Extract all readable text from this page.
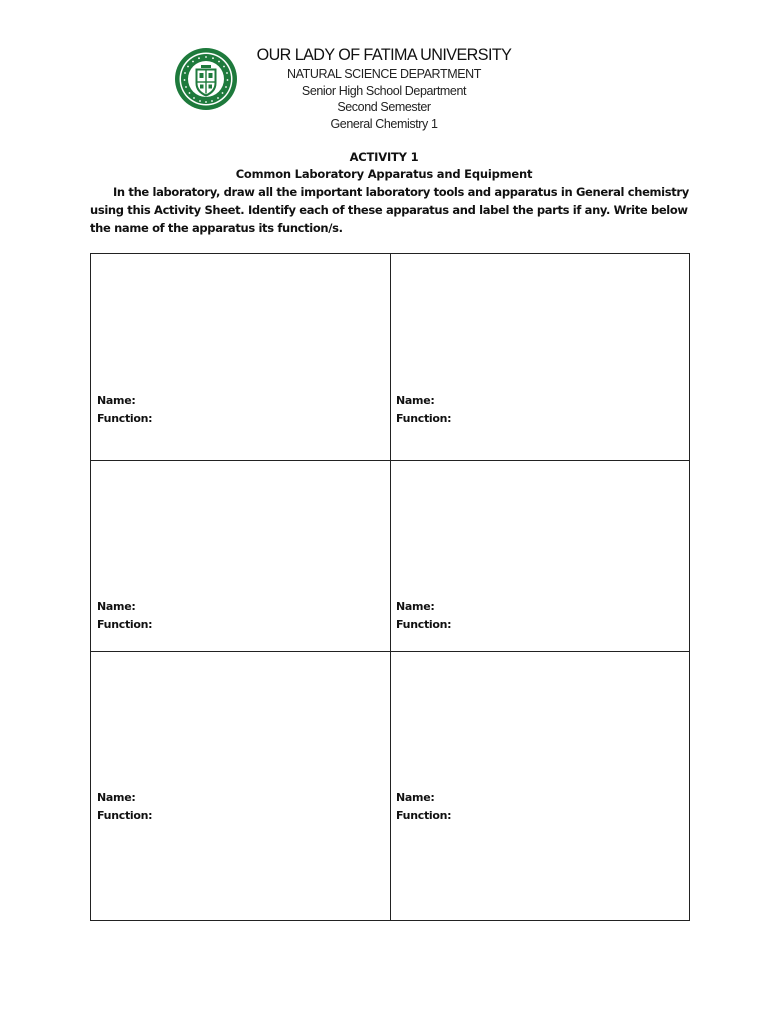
OUR LADY OF FATIMA UNIVERSITY
NATURAL SCIENCE DEPARTMENT
Senior High School Department
Second Semester
General Chemistry 1
ACTIVITY 1
Common Laboratory Apparatus and Equipment
In the laboratory, draw all the important laboratory tools and apparatus in General chemistry using this Activity Sheet. Identify each of these apparatus and label the parts if any. Write below the name of the apparatus its function/s.
Name:
Function:
Name:
Function:
Name:
Function:
Name:
Function:
Name:
Function:
Name:
Function:
